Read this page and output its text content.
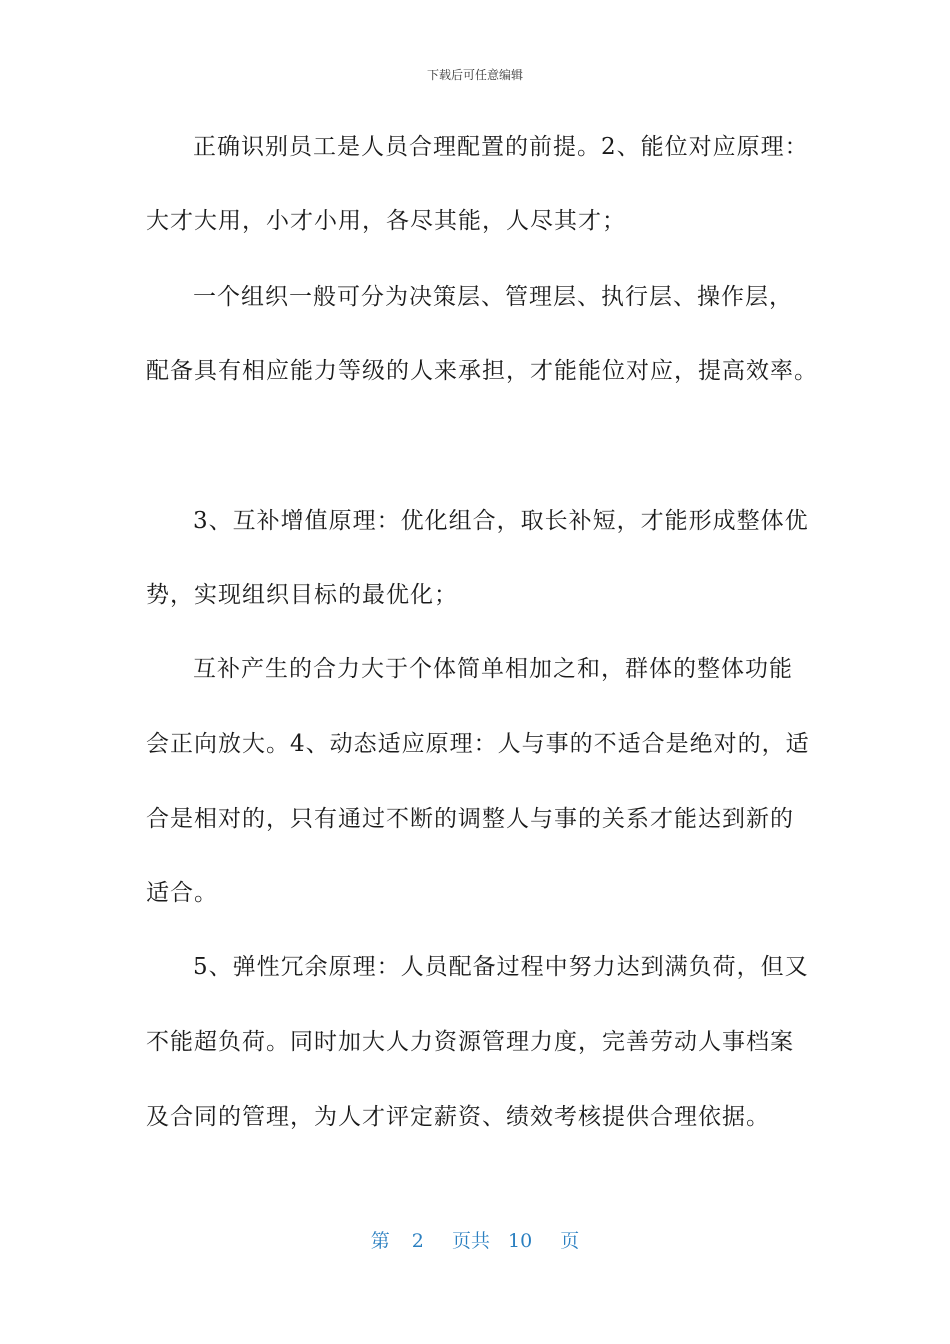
下载后可任意编辑
正确识别员工是人员合理配置的前提。2、能位对应原理：
大才大用，小才小用，各尽其能，人尽其才；
一个组织一般可分为决策层、管理层、执行层、操作层，
配备具有相应能力等级的人来承担，才能能位对应，提高效率。
3、互补增值原理：优化组合，取长补短，才能形成整体优
势，实现组织目标的最优化；
互补产生的合力大于个体简单相加之和，群体的整体功能
会正向放大。4、动态适应原理：人与事的不适合是绝对的，适
合是相对的，只有通过不断的调整人与事的关系才能达到新的
适合。
5、弹性冗余原理：人员配备过程中努力达到满负荷，但又
不能超负荷。同时加大人力资源管理力度，完善劳动人事档案
及合同的管理，为人才评定薪资、绩效考核提供合理依据。
第 2 页共 10 页
